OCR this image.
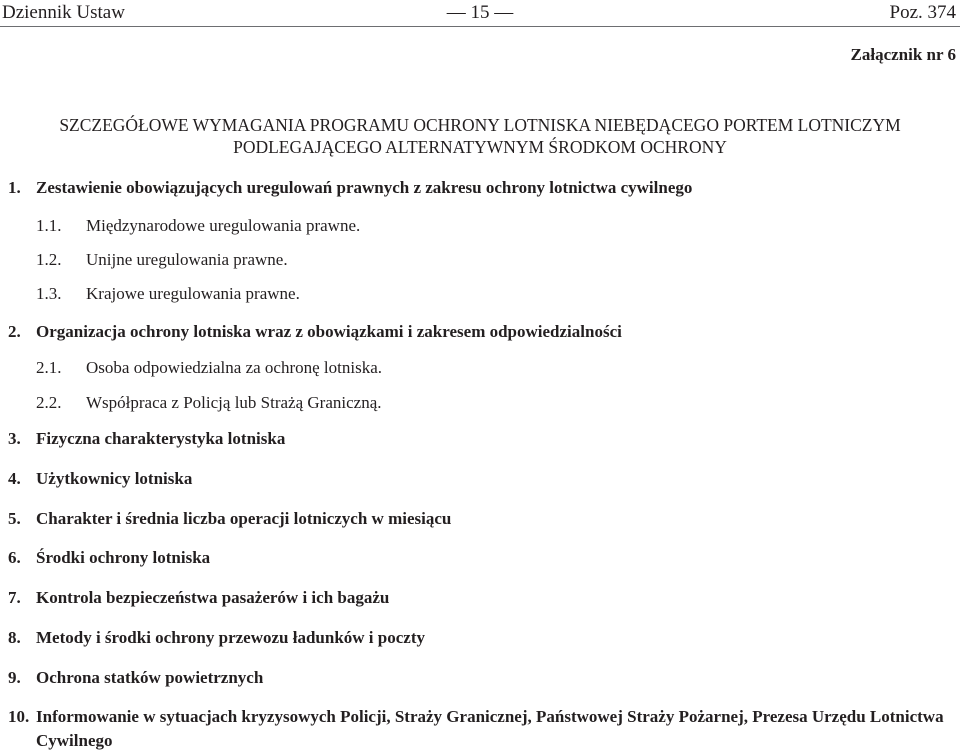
Dziennik Ustaw	— 15 —	Poz. 374
Załącznik nr 6
SZCZEGÓŁOWE WYMAGANIA PROGRAMU OCHRONY LOTNISKA NIEBĘDĄCEGO PORTEM LOTNICZYM
PODLEGAJĄCEGO ALTERNATYWNYM ŚRODKOM OCHRONY
1. Zestawienie obowiązujących uregulowań prawnych z zakresu ochrony lotnictwa cywilnego
1.1. Międzynarodowe uregulowania prawne.
1.2. Unijne uregulowania prawne.
1.3. Krajowe uregulowania prawne.
2. Organizacja ochrony lotniska wraz z obowiązkami i zakresem odpowiedzialności
2.1. Osoba odpowiedzialna za ochronę lotniska.
2.2. Współpraca z Policją lub Strażą Graniczną.
3. Fizyczna charakterystyka lotniska
4. Użytkownicy lotniska
5. Charakter i średnia liczba operacji lotniczych w miesiącu
6. Środki ochrony lotniska
7. Kontrola bezpieczeństwa pasażerów i ich bagażu
8. Metody i środki ochrony przewozu ładunków i poczty
9. Ochrona statków powietrznych
10. Informowanie w sytuacjach kryzysowych Policji, Straży Granicznej, Państwowej Straży Pożarnej, Prezesa Urzędu Lotnictwa Cywilnego
